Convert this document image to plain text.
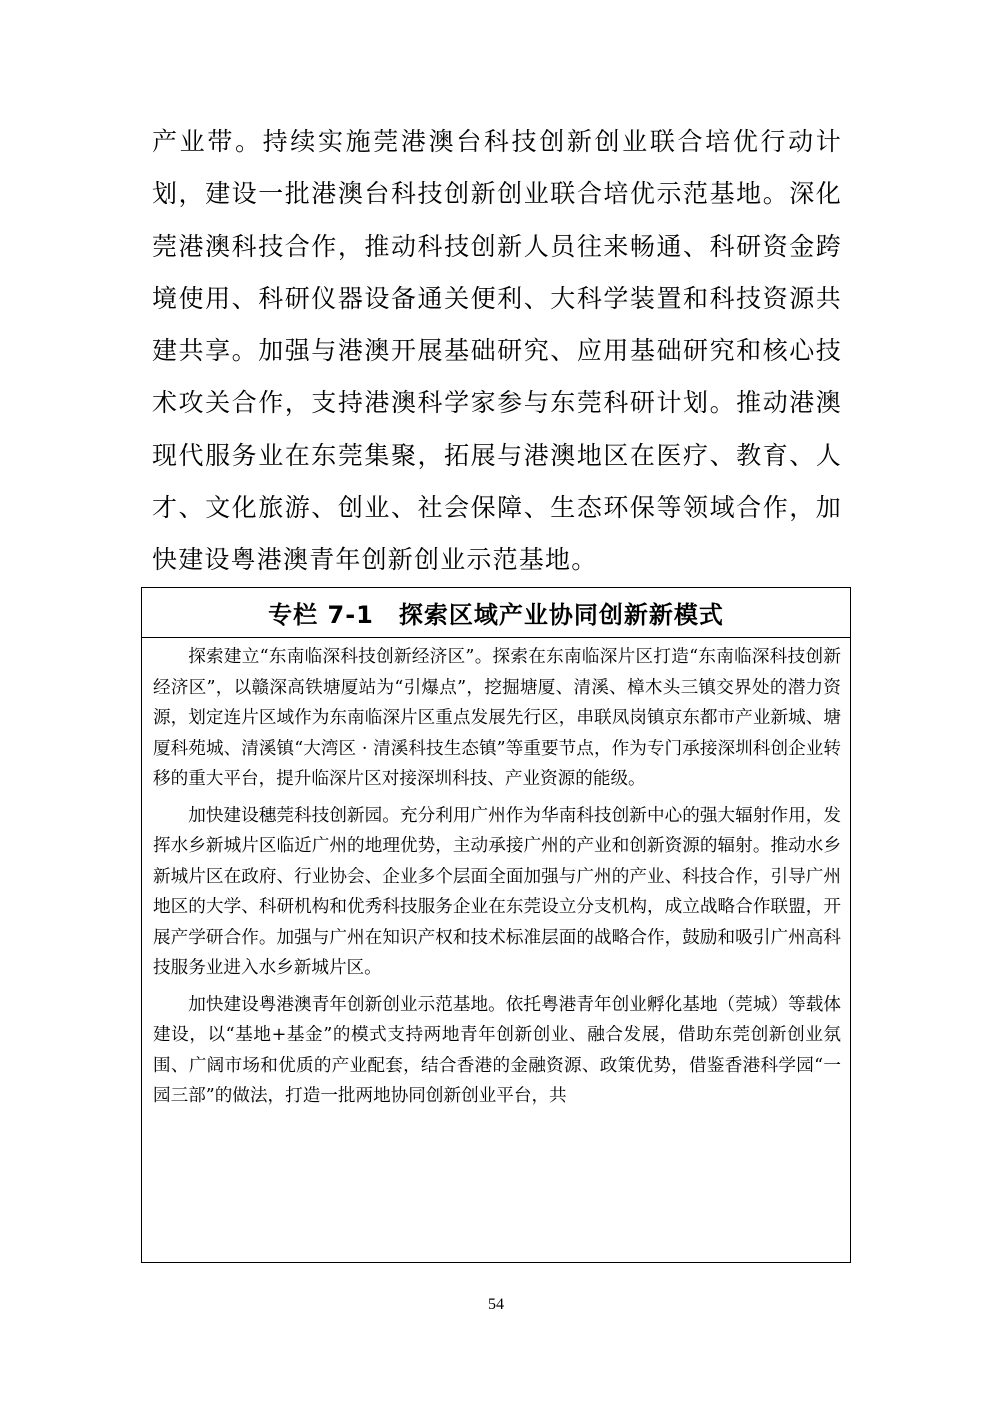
产业带。持续实施莞港澳台科技创新创业联合培优行动计划，建设一批港澳台科技创新创业联合培优示范基地。深化莞港澳科技合作，推动科技创新人员往来畅通、科研资金跨境使用、科研仪器设备通关便利、大科学装置和科技资源共建共享。加强与港澳开展基础研究、应用基础研究和核心技术攻关合作，支持港澳科学家参与东莞科研计划。推动港澳现代服务业在东莞集聚，拓展与港澳地区在医疗、教育、人才、文化旅游、创业、社会保障、生态环保等领域合作，加快建设粤港澳青年创新创业示范基地。
专栏 7-1　探索区域产业协同创新新模式

探索建立“东南临深科技创新经济区”。探索在东南临深片区打造“东南临深科技创新经济区”，以赣深高铁塘厦站为“引爆点”，挖掘塘厦、清溪、樟木头三镇交界处的潜力资源，划定连片区域作为东南临深片区重点发展先行区，串联凤岗镇京东都市产业新城、塘厦科苑城、清溪镇“大湾区 · 清溪科技生态镇”等重要节点，作为专门承接深圳科创企业转移的重大平台，提升临深片区对接深圳科技、产业资源的能级。

加快建设穗莞科技创新园。充分利用广州作为华南科技创新中心的强大辐射作用，发挥水乡新城片区临近广州的地理优势，主动承接广州的产业和创新资源的辐射。推动水乡新城片区在政府、行业协会、企业多个层面全面加强与广州的产业、科技合作，引导广州地区的大学、科研机构和优秀科技服务企业在东莞设立分支机构，成立战略合作联盟，开展产学研合作。加强与广州在知识产权和技术标准层面的战略合作，鼓励和吸引广州高科技服务业进入水乡新城片区。

加快建设粤港澳青年创新创业示范基地。依托粤港青年创业孵化基地（莞城）等载体建设，以“基地+基金”的模式支持两地青年创新创业、融合发展，借助东莞创新创业氛围、广阔市场和优质的产业配套，结合香港的金融资源、政策优势，借鉴香港科学园“一园三部”的做法，打造一批两地协同创新创业平台，共

54
